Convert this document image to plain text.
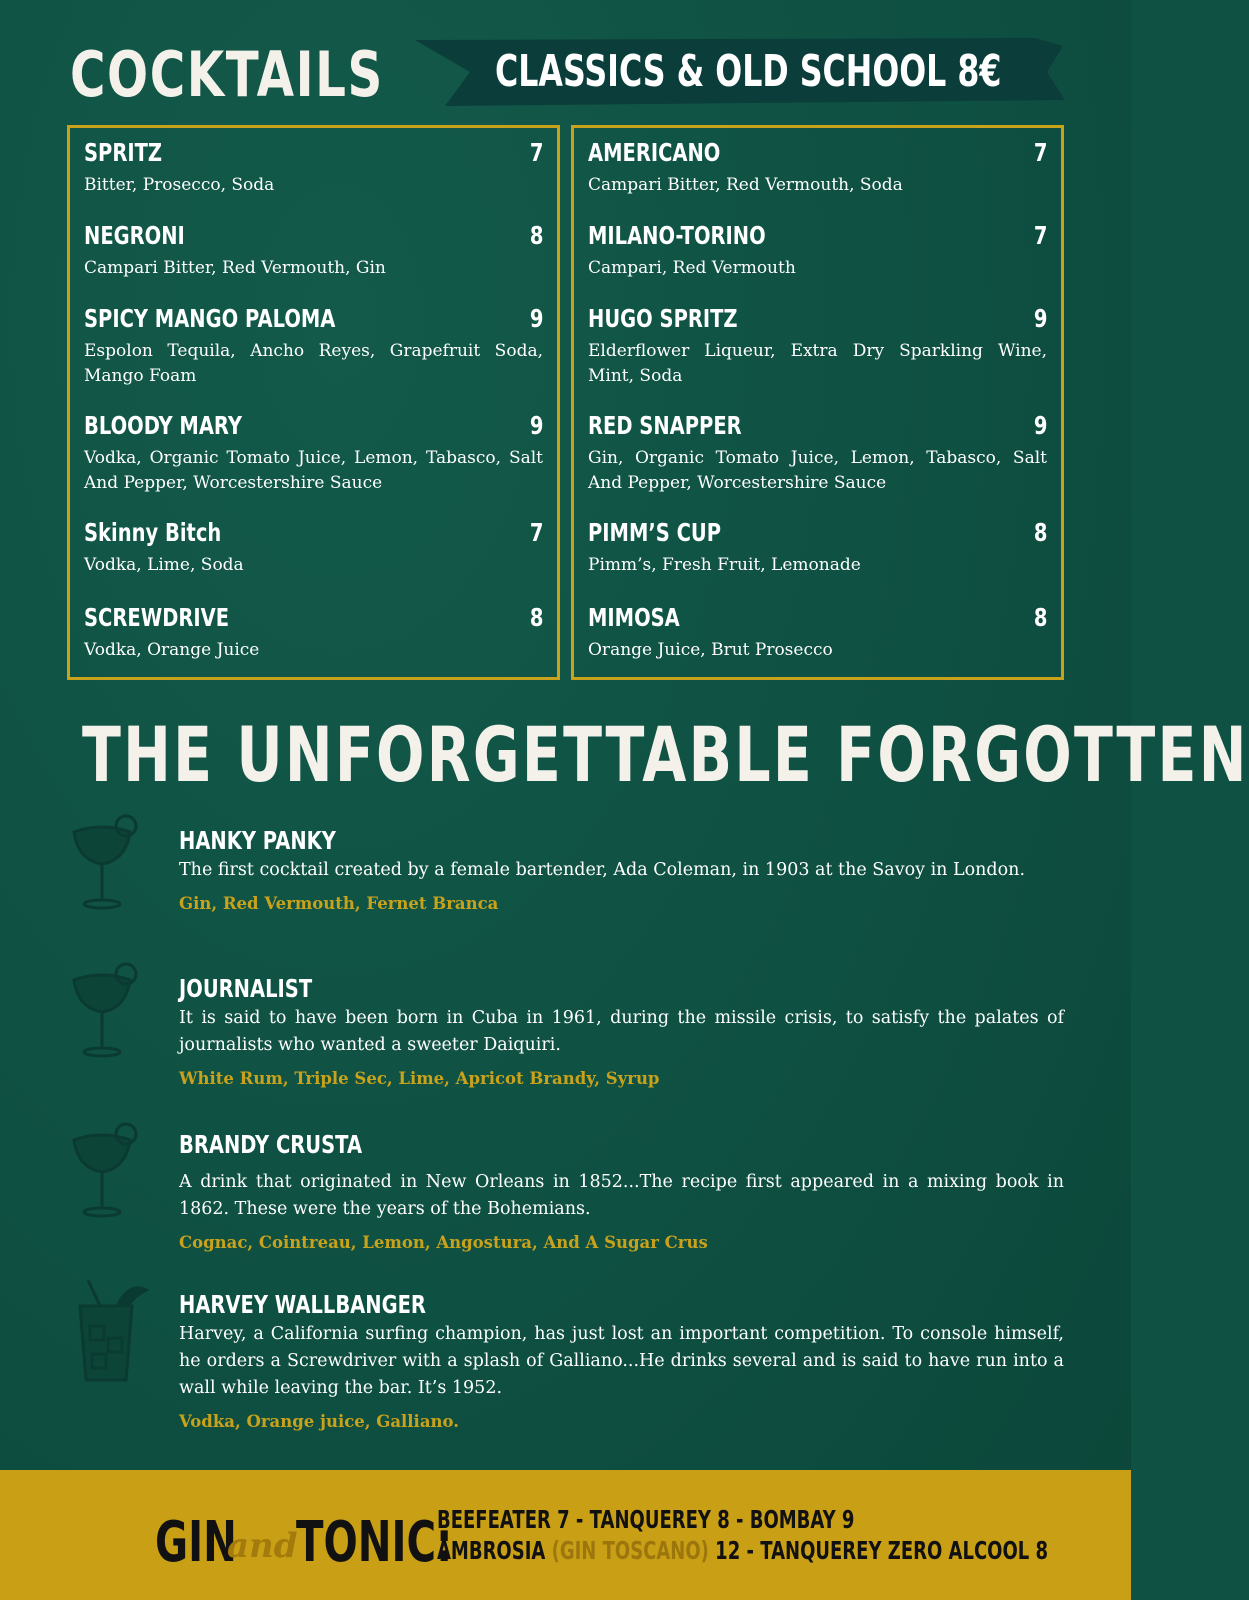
COCKTAILS	CLASSICS & OLD SCHOOL 8€
SPRITZ	7
Bitter, Prosecco, Soda
NEGRONI	8
Campari Bitter, Red Vermouth, Gin
SPICY MANGO PALOMA	9
Espolon Tequila, Ancho Reyes, Grapefruit Soda, Mango Foam
BLOODY MARY	9
Vodka, Organic Tomato Juice, Lemon, Tabasco, Salt And Pepper, Worcestershire Sauce
Skinny Bitch	7
Vodka, Lime, Soda
SCREWDRIVE	8
Vodka, Orange Juice
AMERICANO	7
Campari Bitter, Red Vermouth, Soda
MILANO-TORINO	7
Campari, Red Vermouth
HUGO SPRITZ	9
Elderflower Liqueur, Extra Dry Sparkling Wine, Mint, Soda
RED SNAPPER	9
Gin, Organic Tomato Juice, Lemon, Tabasco, Salt And Pepper, Worcestershire Sauce
PIMM’S CUP	8
Pimm’s, Fresh Fruit, Lemonade
MIMOSA	8
Orange Juice, Brut Prosecco
THE UNFORGETTABLE FORGOTTEN
HANKY PANKY
The first cocktail created by a female bartender, Ada Coleman, in 1903 at the Savoy in London.
Gin, Red Vermouth, Fernet Branca
JOURNALIST
It is said to have been born in Cuba in 1961, during the missile crisis, to satisfy the palates of journalists who wanted a sweeter Daiquiri.
White Rum, Triple Sec, Lime, Apricot Brandy, Syrup
BRANDY CRUSTA
A drink that originated in New Orleans in 1852...The recipe first appeared in a mixing book in 1862. These were the years of the Bohemians.
Cognac, Cointreau, Lemon, Angostura, And A Sugar Crus
HARVEY WALLBANGER
Harvey, a California surfing champion, has just lost an important competition. To console himself, he orders a Screwdriver with a splash of Galliano...He drinks several and is said to have run into a wall while leaving the bar. It’s 1952.
Vodka, Orange juice, Galliano.
GIN
and
TONIC:
BEEFEATER 7 - TANQUEREY 8 - BOMBAY 9
AMBROSIA (GIN TOSCANO) 12 - TANQUEREY ZERO ALCOOL 8
